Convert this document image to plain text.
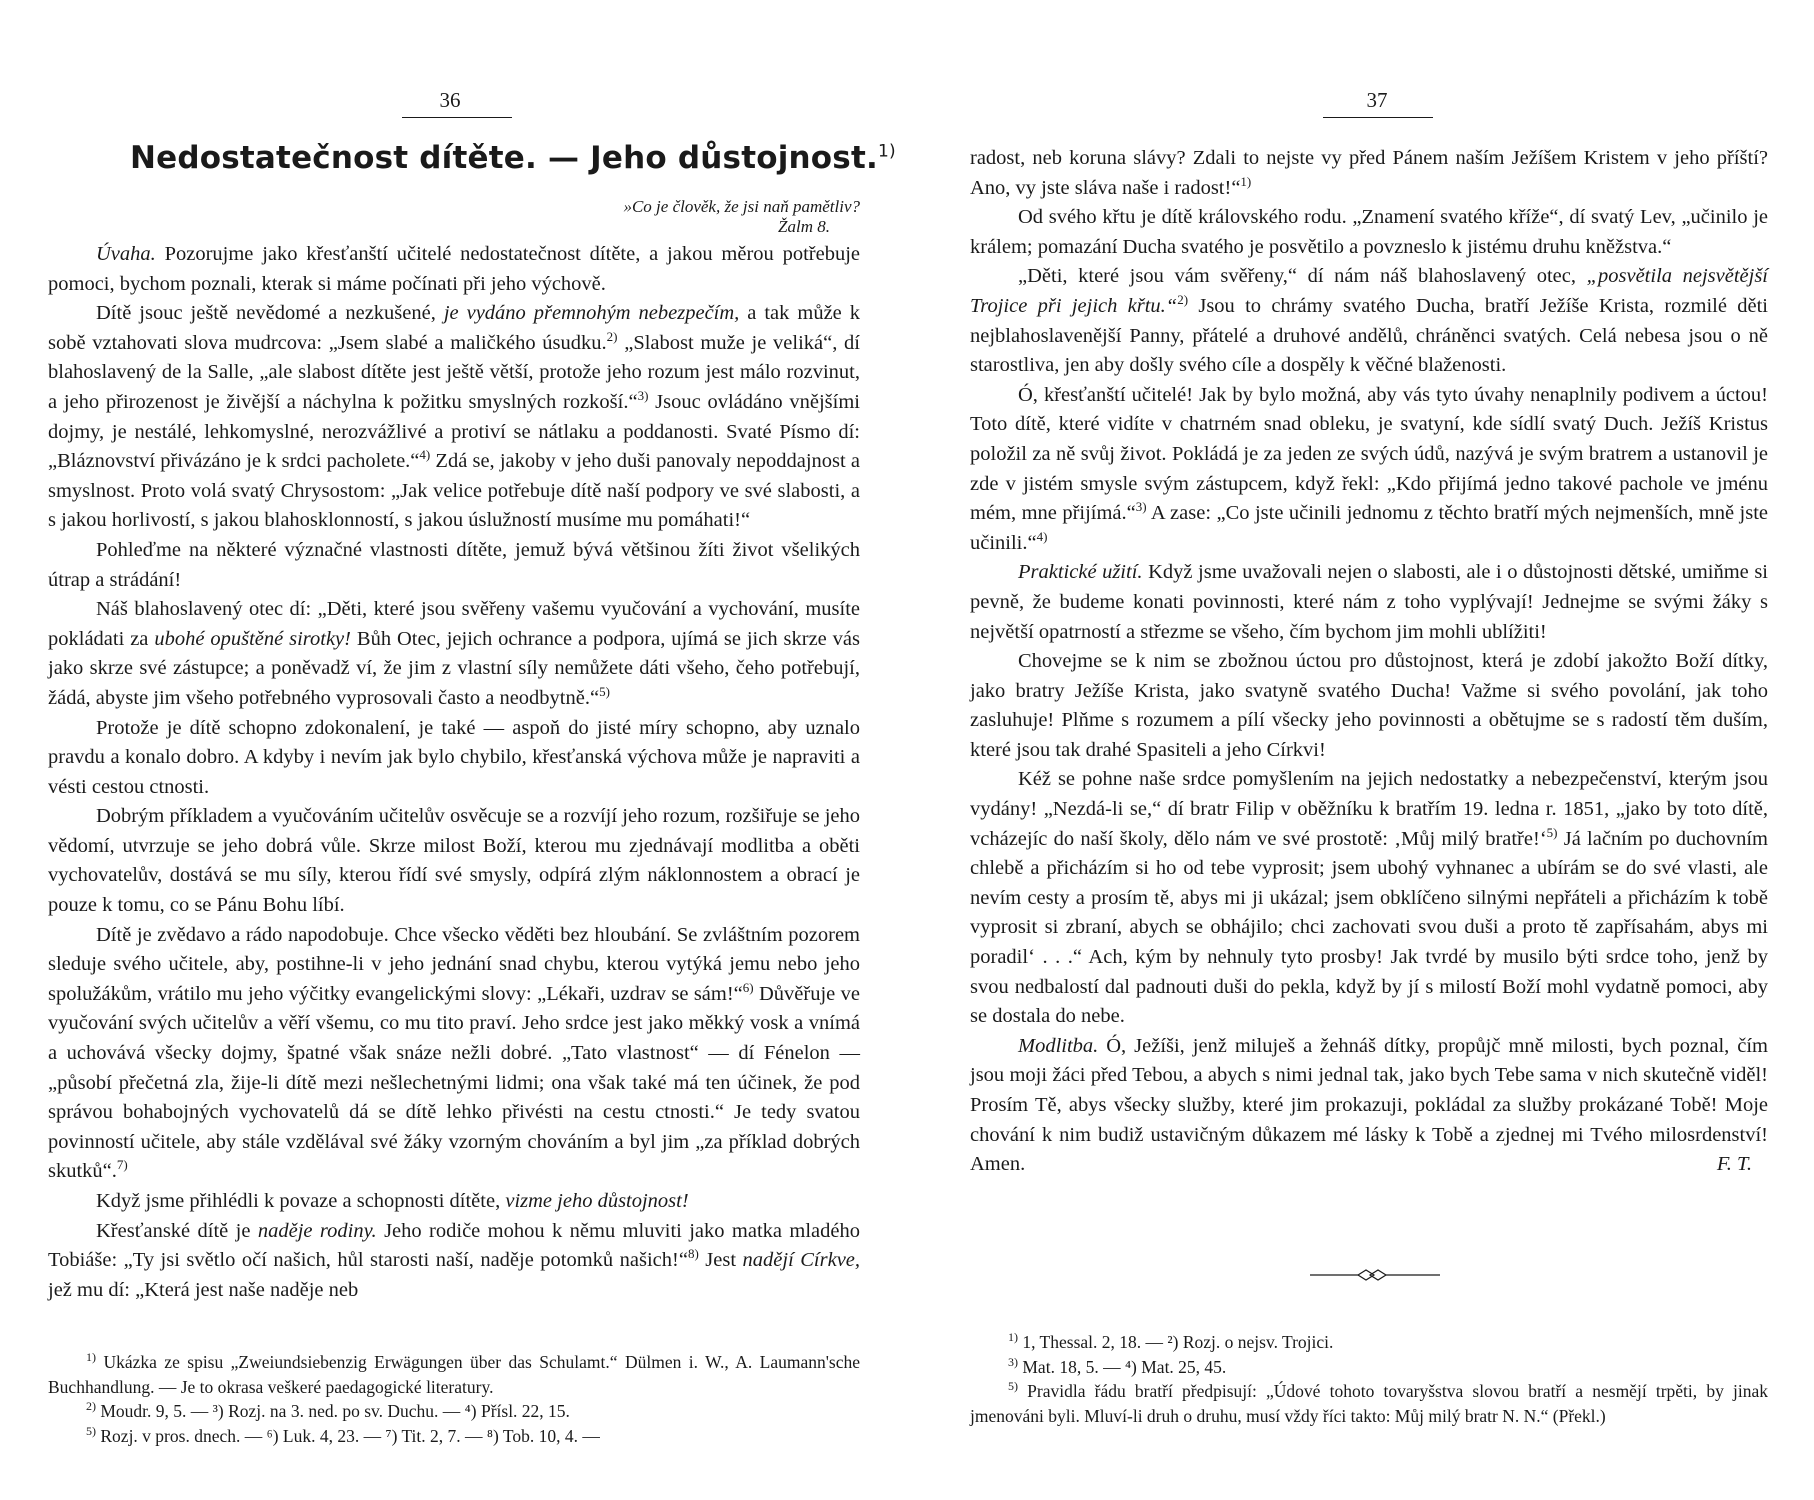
36
Nedostatečnost dítěte. — Jeho důstojnost.$^{1)}$
»Co je člověk, že jsi naň pamětliv?
Žalm 8.

Úvaha. Pozorujme jako křesťanští učitelé nedostatečnost dítěte, a jakou měrou potřebuje pomoci, bychom poznali, kterak si máme počínati při jeho výchově.

Dítě jsouc ještě nevědomé a nezkušené, je vydáno přemnohým nebezpečím, a tak může k sobě vztahovati slova mudrcova: „Jsem slabé a maličkého úsudku.$^{2)}$ „Slabost muže je veliká“, dí blahoslavený de la Salle, „ale slabost dítěte jest ještě větší, protože jeho rozum jest málo rozvinut, a jeho přirozenost je živější a náchylna k požitku smyslných rozkoší.“$^{3)}$ Jsouc ovládáno vnějšími dojmy, je nestálé, lehkomyslné, nerozvážlivé a protiví se nátlaku a poddanosti. Svaté Písmo dí: „Bláznovství přivázáno je k srdci pacholete.“$^{4)}$ Zdá se, jakoby v jeho duši panovaly nepoddajnost a smyslnost. Proto volá svatý Chrysostom: „Jak velice potřebuje dítě naší podpory ve své slabosti, a s jakou horlivostí, s jakou blahosklonností, s jakou úslužností musíme mu pomáhati!“

Pohleďme na některé význačné vlastnosti dítěte, jemuž bývá většinou žíti život všelikých útrap a strádání!

Náš blahoslavený otec dí: „Děti, které jsou svěřeny vašemu vyučování a vychování, musíte pokládati za ubohé opuštěné sirotky! Bůh Otec, jejich ochrance a podpora, ujímá se jich skrze vás jako skrze své zástupce; a poněvadž ví, že jim z vlastní síly nemůžete dáti všeho, čeho potřebují, žádá, abyste jim všeho potřebného vyprosovali často a neodbytně.“$^{5)}$

Protože je dítě schopno zdokonalení, je také — aspoň do jisté míry schopno, aby uznalo pravdu a konalo dobro. A kdyby i nevím jak bylo chybilo, křesťanská výchova může je napraviti a vésti cestou ctnosti.

Dobrým příkladem a vyučováním učitelův osvěcuje se a rozvíjí jeho rozum, rozšiřuje se jeho vědomí, utvrzuje se jeho dobrá vůle. Skrze milost Boží, kterou mu zjednávají modlitba a oběti vychovatelův, dostává se mu síly, kterou řídí své smysly, odpírá zlým náklonnostem a obrací je pouze k tomu, co se Pánu Bohu líbí.

Dítě je zvědavo a rádo napodobuje. Chce všecko věděti bez hloubání. Se zvláštním pozorem sleduje svého učitele, aby, postihne-li v jeho jednání snad chybu, kterou vytýká jemu nebo jeho spolužákům, vrátilo mu jeho výčitky evangelickými slovy: „Lékaři, uzdrav se sám!“$^{6)}$ Důvěřuje ve vyučování svých učitelův a věří všemu, co mu tito praví. Jeho srdce jest jako měkký vosk a vnímá a uchovává všecky dojmy, špatné však snáze nežli dobré. „Tato vlastnost“ — dí Fénelon — „působí přečetná zla, žije-li dítě mezi nešlechetnými lidmi; ona však také má ten účinek, že pod správou bohabojných vychovatelů dá se dítě lehko přivésti na cestu ctnosti.“ Je tedy svatou povinností učitele, aby stále vzdělával své žáky vzorným chováním a byl jim „za příklad dobrých skutků“.$^{7)}$

Když jsme přihlédli k povaze a schopnosti dítěte, vizme jeho důstojnost!

Křesťanské dítě je naděje rodiny. Jeho rodiče mohou k němu mluviti jako matka mladého Tobiáše: „Ty jsi světlo očí našich, hůl starosti naší, naděje potomků našich!“$^{8)}$ Jest nadějí Církve, jež mu dí: „Která jest naše naděje neb

$^{1)}$ Ukázka ze spisu „Zweiundsiebenzig Erwägungen über das Schulamt.“ Dülmen i. W., A. Laumann'sche Buchhandlung. — Je to okrasa veškeré paedagogické literatury.

$^{2)}$ Moudr. 9, 5. — ³) Rozj. na 3. ned. po sv. Duchu. — ⁴) Přísl. 22, 15.

$^{5)}$ Rozj. v pros. dnech. — ⁶) Luk. 4, 23. — ⁷) Tit. 2, 7. — ⁸) Tob. 10, 4. —

37

radost, neb koruna slávy? Zdali to nejste vy před Pánem naším Ježíšem Kristem v jeho příští? Ano, vy jste sláva naše i radost!“$^{1)}$

Od svého křtu je dítě královského rodu. „Znamení svatého kříže“, dí svatý Lev, „učinilo je králem; pomazání Ducha svatého je posvětilo a povzneslo k jistému druhu kněžstva.“

„Děti, které jsou vám svěřeny,“ dí nám náš blahoslavený otec, „posvětila nejsvětější Trojice při jejich křtu.“$^{2)}$ Jsou to chrámy svatého Ducha, bratří Ježíše Krista, rozmilé děti nejblahoslavenější Panny, přátelé a druhové andělů, chráněnci svatých. Celá nebesa jsou o ně starostliva, jen aby došly svého cíle a dospěly k věčné blaženosti.

Ó, křesťanští učitelé! Jak by bylo možná, aby vás tyto úvahy nenaplnily podivem a úctou! Toto dítě, které vidíte v chatrném snad obleku, je svatyní, kde sídlí svatý Duch. Ježíš Kristus položil za ně svůj život. Pokládá je za jeden ze svých údů, nazývá je svým bratrem a ustanovil je zde v jistém smysle svým zástupcem, když řekl: „Kdo přijímá jedno takové pachole ve jménu mém, mne přijímá.“$^{3)}$ A zase: „Co jste učinili jednomu z těchto bratří mých nejmenších, mně jste učinili.“$^{4)}$

Praktické užití. Když jsme uvažovali nejen o slabosti, ale i o důstojnosti dětské, umiňme si pevně, že budeme konati povinnosti, které nám z toho vyplývají! Jednejme se svými žáky s největší opatrností a střezme se všeho, čím bychom jim mohli ublížiti!

Chovejme se k nim se zbožnou úctou pro důstojnost, která je zdobí jakožto Boží dítky, jako bratry Ježíše Krista, jako svatyně svatého Ducha! Važme si svého povolání, jak toho zasluhuje! Plňme s rozumem a pílí všecky jeho povinnosti a obětujme se s radostí těm duším, které jsou tak drahé Spasiteli a jeho Církvi!

Kéž se pohne naše srdce pomyšlením na jejich nedostatky a nebezpečenství, kterým jsou vydány! „Nezdá-li se,“ dí bratr Filip v oběžníku k bratřím 19. ledna r. 1851, „jako by toto dítě, vcházejíc do naší školy, dělo nám ve své prostotě: ‚Můj milý bratře!‘$^{5)}$ Já lačním po duchovním chlebě a přicházím si ho od tebe vyprosit; jsem ubohý vyhnanec a ubírám se do své vlasti, ale nevím cesty a prosím tě, abys mi ji ukázal; jsem obklíčeno silnými nepřáteli a přicházím k tobě vyprosit si zbraní, abych se obhájilo; chci zachovati svou duši a proto tě zapřísahám, abys mi poradil‘ . . .“ Ach, kým by nehnuly tyto prosby! Jak tvrdé by musilo býti srdce toho, jenž by svou nedbalostí dal padnouti duši do pekla, když by jí s milostí Boží mohl vydatně pomoci, aby se dostala do nebe.

Modlitba. Ó, Ježíši, jenž miluješ a žehnáš dítky, propůjč mně milosti, bych poznal, čím jsou moji žáci před Tebou, a abych s nimi jednal tak, jako bych Tebe sama v nich skutečně viděl! Prosím Tě, abys všecky služby, které jim prokazuji, pokládal za služby prokázané Tobě! Moje chování k nim budiž ustavičným důkazem mé lásky k Tobě a zjednej mi Tvého milosrdenství! Amen.	F. T.

$^{1)}$ 1, Thessal. 2, 18. — ²) Rozj. o nejsv. Trojici.

$^{3)}$ Mat. 18, 5. — ⁴) Mat. 25, 45.

$^{5)}$ Pravidla řádu bratří předpisují: „Údové tohoto tovaryšstva slovou bratří a nesmějí trpěti, by jinak jmenováni byli. Mluví-li druh o druhu, musí vždy říci takto: Můj milý bratr N. N.“ (Překl.)
